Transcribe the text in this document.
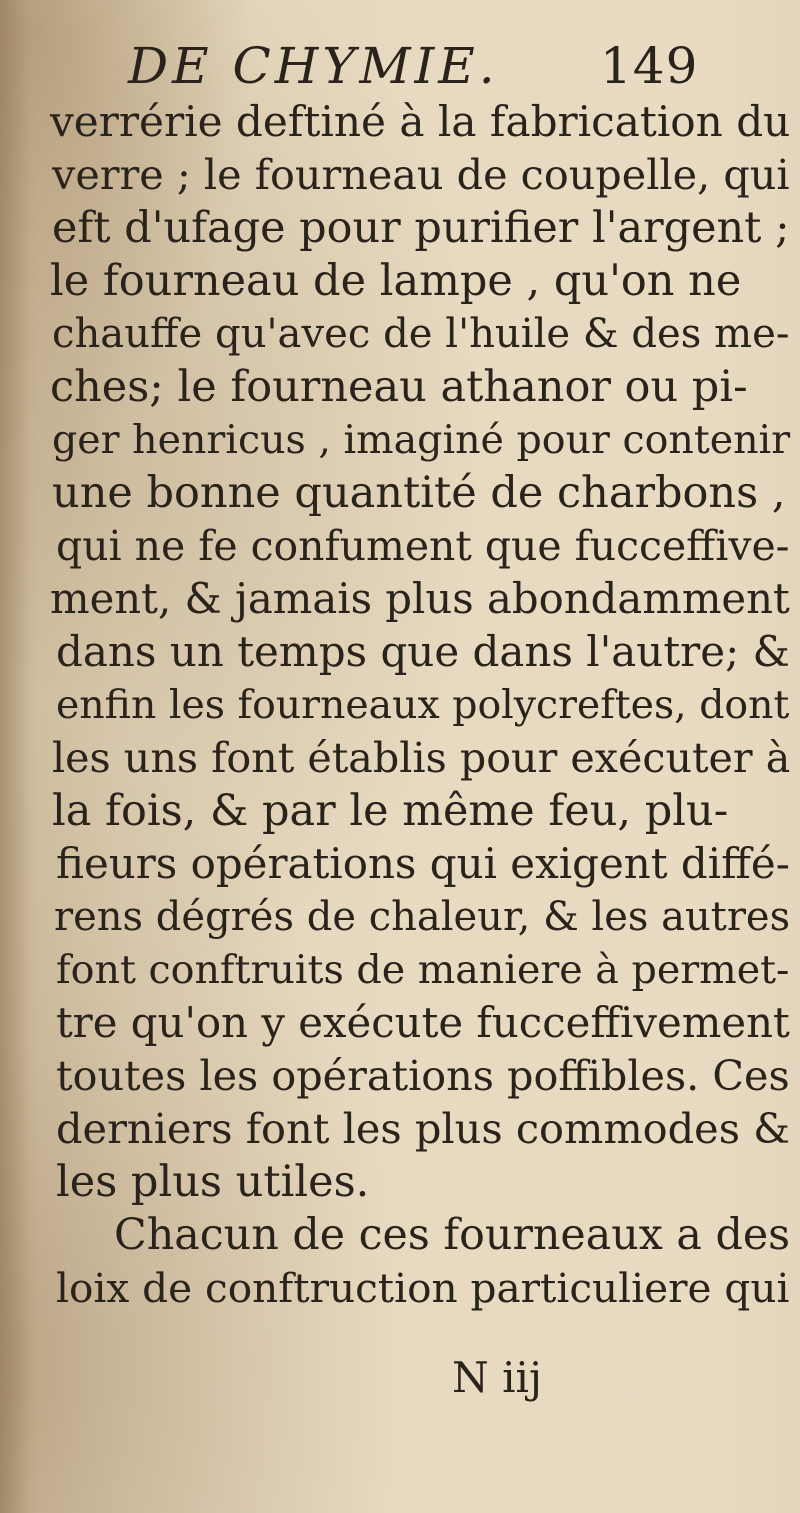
DE CHYMIE. 149
verrérie deftiné à la fabrication du
verre ; le fourneau de coupelle, qui
eft d'ufage pour purifier l'argent ;
le fourneau de lampe , qu'on ne
chauffe qu'avec de l'huile & des me-
ches; le fourneau athanor ou pi-
ger henricus , imaginé pour contenir
une bonne quantité de charbons ,
qui ne fe confument que fucceffive-
ment, & jamais plus abondamment
dans un temps que dans l'autre; &
enfin les fourneaux polycreftes, dont
les uns font établis pour exécuter à
la fois, & par le même feu, plu-
fieurs opérations qui exigent diffé-
rens dégrés de chaleur, & les autres
font conftruits de maniere à permet-
tre qu'on y exécute fucceffivement
toutes les opérations poffibles. Ces
derniers font les plus commodes &
les plus utiles.
Chacun de ces fourneaux a des
loix de conftruction particuliere qui
N iij
